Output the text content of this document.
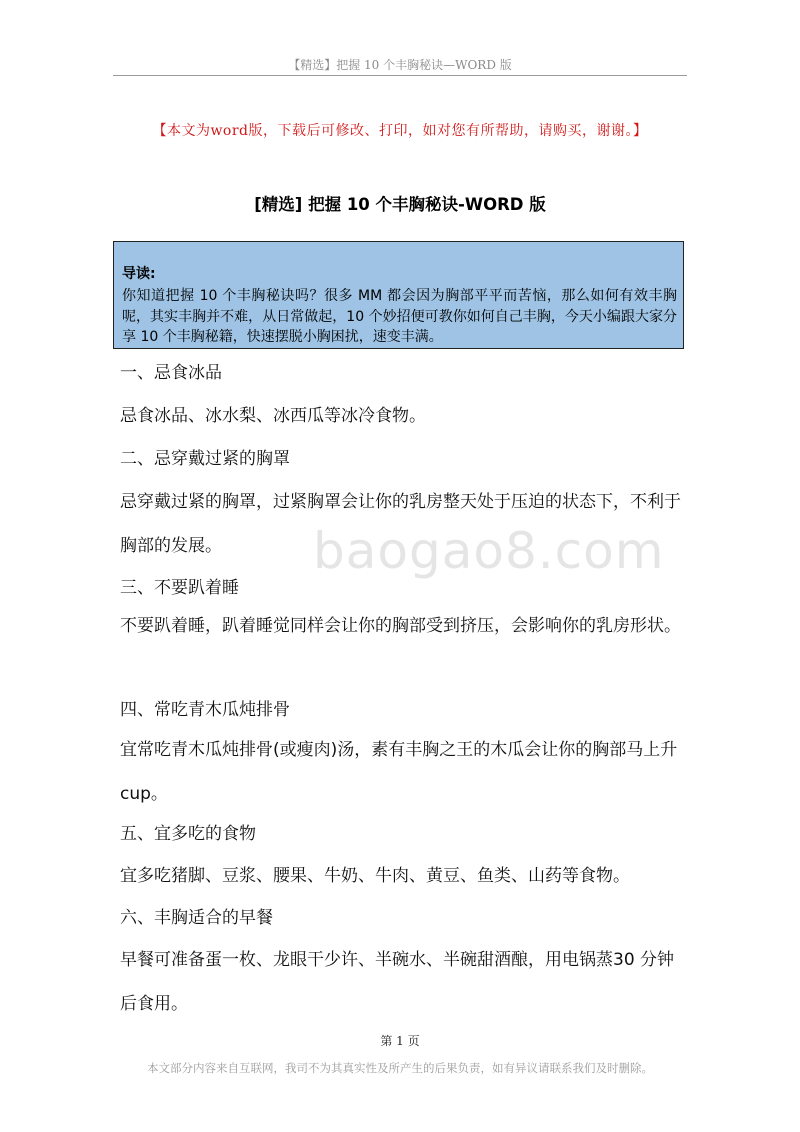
【精选】把握 10 个丰胸秘诀—WORD 版
【本文为word版，下载后可修改、打印，如对您有所帮助，请购买，谢谢。】
[精选] 把握 10 个丰胸秘诀-WORD 版
导读:
你知道把握 10 个丰胸秘诀吗？很多 MM 都会因为胸部平平而苦恼，那么如何有效丰胸呢，其实丰胸并不难，从日常做起，10 个妙招便可教你如何自己丰胸，今天小编跟大家分享 10 个丰胸秘籍，快速摆脱小胸困扰，速变丰满。
baogao8.com

一、忌食冰品

忌食冰品、冰水梨、冰西瓜等冰冷食物。

二、忌穿戴过紧的胸罩

忌穿戴过紧的胸罩，过紧胸罩会让你的乳房整天处于压迫的状态下，不利于胸部的发展。

三、不要趴着睡

不要趴着睡，趴着睡觉同样会让你的胸部受到挤压，会影响你的乳房形状。

四、常吃青木瓜炖排骨

宜常吃青木瓜炖排骨(或瘦肉)汤，素有丰胸之王的木瓜会让你的胸部马上升 cup。

五、宜多吃的食物

宜多吃猪脚、豆浆、腰果、牛奶、牛肉、黄豆、鱼类、山药等食物。

六、丰胸适合的早餐

早餐可准备蛋一枚、龙眼干少许、半碗水、半碗甜酒酿，用电锅蒸30 分钟后食用。

第 1 页
本文部分内容来自互联网，我司不为其真实性及所产生的后果负责，如有异议请联系我们及时删除。
